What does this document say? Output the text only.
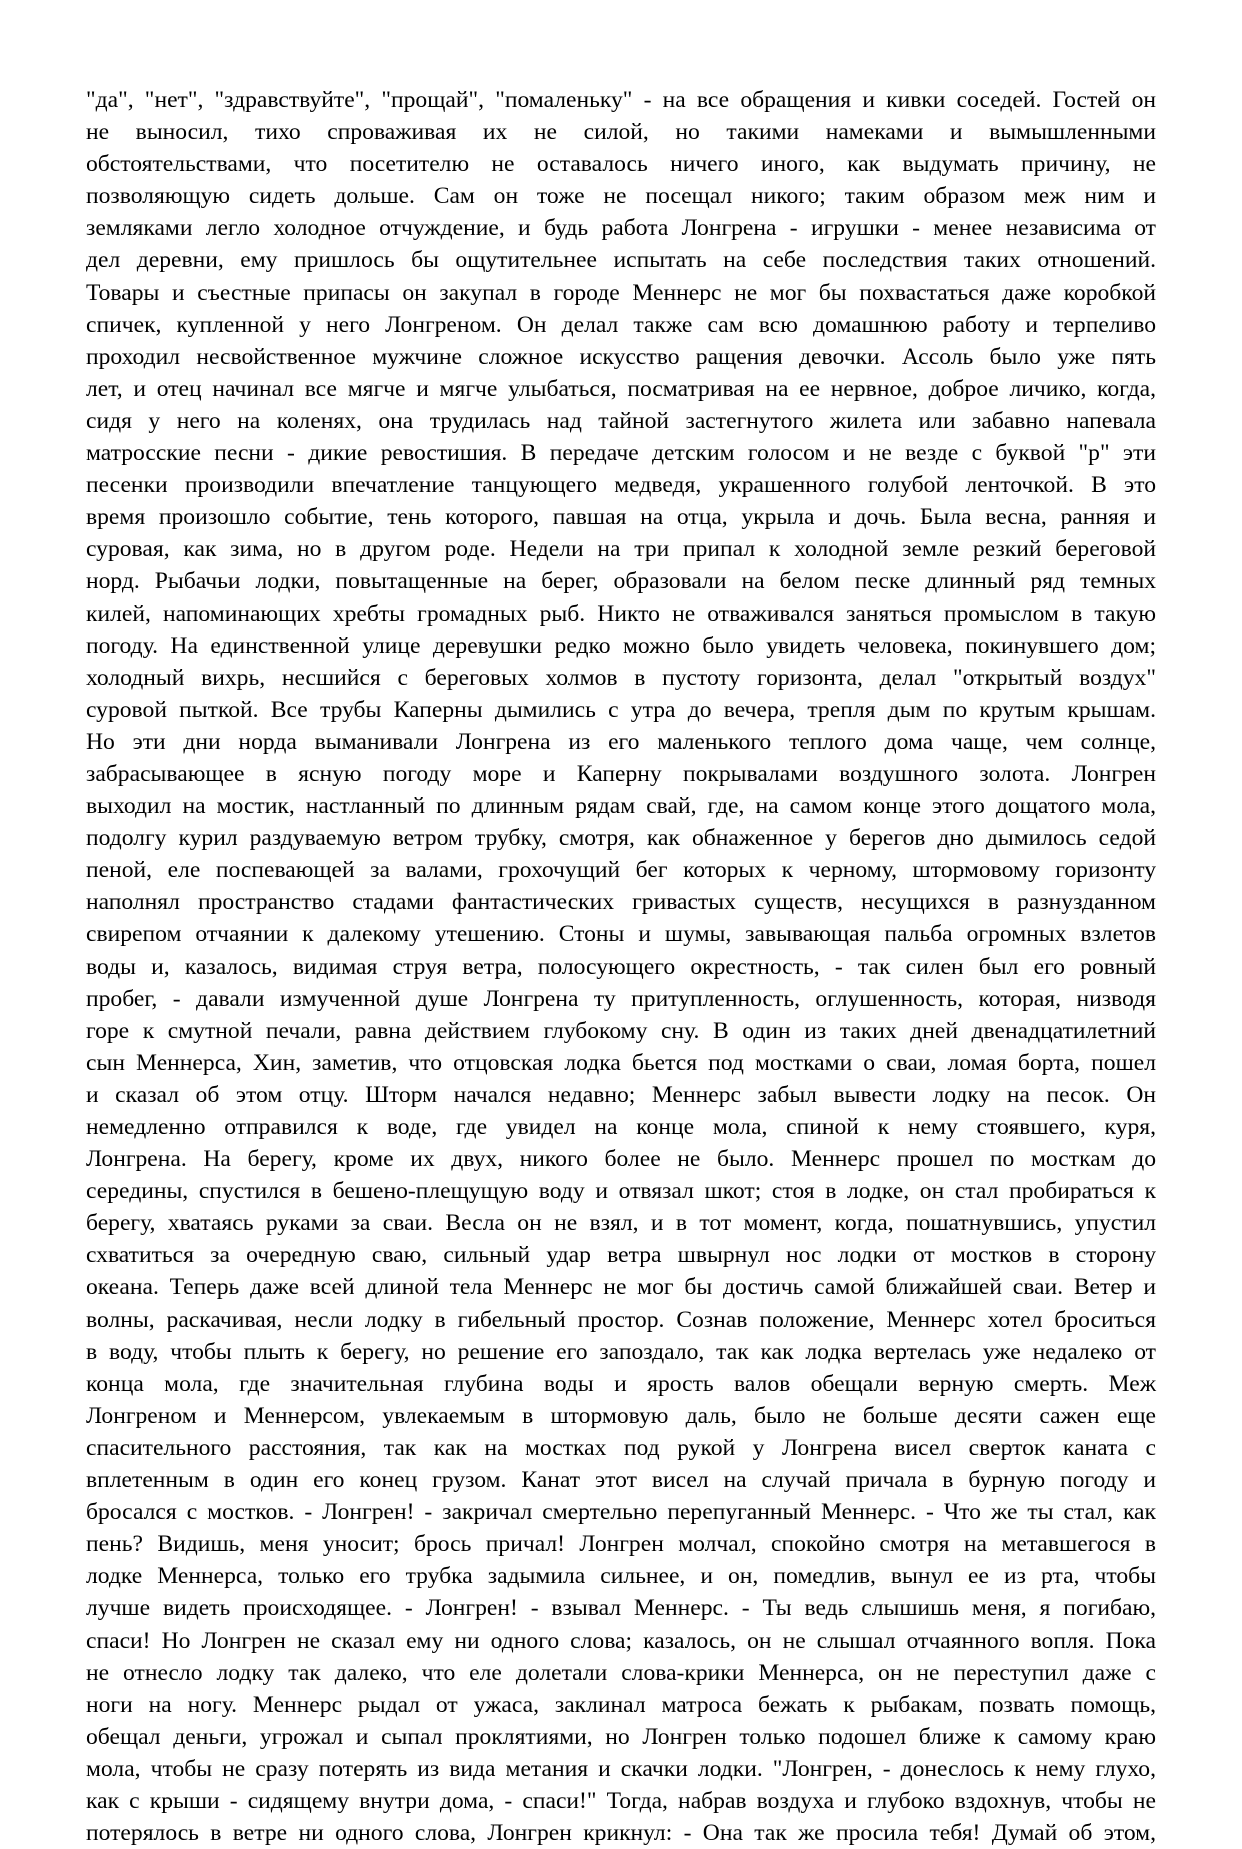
"да", "нет", "здравствуйте", "прощай", "помаленьку" - на все обращения и кивки соседей. Гостей он
не выносил, тихо спроваживая их не силой, но такими намеками и вымышленными
обстоятельствами, что посетителю не оставалось ничего иного, как выдумать причину, не
позволяющую сидеть дольше. Сам он тоже не посещал никого; таким образом меж ним и
земляками легло холодное отчуждение, и будь работа Лонгрена - игрушки - менее независима от
дел деревни, ему пришлось бы ощутительнее испытать на себе последствия таких отношений.
Товары и съестные припасы он закупал в городе Меннерс не мог бы похвастаться даже коробкой
спичек, купленной у него Лонгреном. Он делал также сам всю домашнюю работу и терпеливо
проходил несвойственное мужчине сложное искусство ращения девочки. Ассоль было уже пять
лет, и отец начинал все мягче и мягче улыбаться, посматривая на ее нервное, доброе личико, когда,
сидя у него на коленях, она трудилась над тайной застегнутого жилета или забавно напевала
матросские песни - дикие ревостишия. В передаче детским голосом и не везде с буквой "р" эти
песенки производили впечатление танцующего медведя, украшенного голубой ленточкой. В это
время произошло событие, тень которого, павшая на отца, укрыла и дочь. Была весна, ранняя и
суровая, как зима, но в другом роде. Недели на три припал к холодной земле резкий береговой
норд. Рыбачьи лодки, повытащенные на берег, образовали на белом песке длинный ряд темных
килей, напоминающих хребты громадных рыб. Никто не отваживался заняться промыслом в такую
погоду. На единственной улице деревушки редко можно было увидеть человека, покинувшего дом;
холодный вихрь, несшийся с береговых холмов в пустоту горизонта, делал "открытый воздух"
суровой пыткой. Все трубы Каперны дымились с утра до вечера, трепля дым по крутым крышам.
Но эти дни норда выманивали Лонгрена из его маленького теплого дома чаще, чем солнце,
забрасывающее в ясную погоду море и Каперну покрывалами воздушного золота. Лонгрен
выходил на мостик, настланный по длинным рядам свай, где, на самом конце этого дощатого мола,
подолгу курил раздуваемую ветром трубку, смотря, как обнаженное у берегов дно дымилось седой
пеной, еле поспевающей за валами, грохочущий бег которых к черному, штормовому горизонту
наполнял пространство стадами фантастических гривастых существ, несущихся в разнузданном
свирепом отчаянии к далекому утешению. Стоны и шумы, завывающая пальба огромных взлетов
воды и, казалось, видимая струя ветра, полосующего окрестность, - так силен был его ровный
пробег, - давали измученной душе Лонгрена ту притупленность, оглушенность, которая, низводя
горе к смутной печали, равна действием глубокому сну. В один из таких дней двенадцатилетний
сын Меннерса, Хин, заметив, что отцовская лодка бьется под мостками о сваи, ломая борта, пошел
и сказал об этом отцу. Шторм начался недавно; Меннерс забыл вывести лодку на песок. Он
немедленно отправился к воде, где увидел на конце мола, спиной к нему стоявшего, куря,
Лонгрена. На берегу, кроме их двух, никого более не было. Меннерс прошел по мосткам до
середины, спустился в бешено-плещущую воду и отвязал шкот; стоя в лодке, он стал пробираться к
берегу, хватаясь руками за сваи. Весла он не взял, и в тот момент, когда, пошатнувшись, упустил
схватиться за очередную сваю, сильный удар ветра швырнул нос лодки от мостков в сторону
океана. Теперь даже всей длиной тела Меннерс не мог бы достичь самой ближайшей сваи. Ветер и
волны, раскачивая, несли лодку в гибельный простор. Сознав положение, Меннерс хотел броситься
в воду, чтобы плыть к берегу, но решение его запоздало, так как лодка вертелась уже недалеко от
конца мола, где значительная глубина воды и ярость валов обещали верную смерть. Меж
Лонгреном и Меннерсом, увлекаемым в штормовую даль, было не больше десяти сажен еще
спасительного расстояния, так как на мостках под рукой у Лонгрена висел сверток каната с
вплетенным в один его конец грузом. Канат этот висел на случай причала в бурную погоду и
бросался с мостков. - Лонгрен! - закричал смертельно перепуганный Меннерс. - Что же ты стал, как
пень? Видишь, меня уносит; брось причал! Лонгрен молчал, спокойно смотря на метавшегося в
лодке Меннерса, только его трубка задымила сильнее, и он, помедлив, вынул ее из рта, чтобы
лучше видеть происходящее. - Лонгрен! - взывал Меннерс. - Ты ведь слышишь меня, я погибаю,
спаси! Но Лонгрен не сказал ему ни одного слова; казалось, он не слышал отчаянного вопля. Пока
не отнесло лодку так далеко, что еле долетали слова-крики Меннерса, он не переступил даже с
ноги на ногу. Меннерс рыдал от ужаса, заклинал матроса бежать к рыбакам, позвать помощь,
обещал деньги, угрожал и сыпал проклятиями, но Лонгрен только подошел ближе к самому краю
мола, чтобы не сразу потерять из вида метания и скачки лодки. "Лонгрен, - донеслось к нему глухо,
как с крыши - сидящему внутри дома, - спаси!" Тогда, набрав воздуха и глубоко вздохнув, чтобы не
потерялось в ветре ни одного слова, Лонгрен крикнул: - Она так же просила тебя! Думай об этом,
